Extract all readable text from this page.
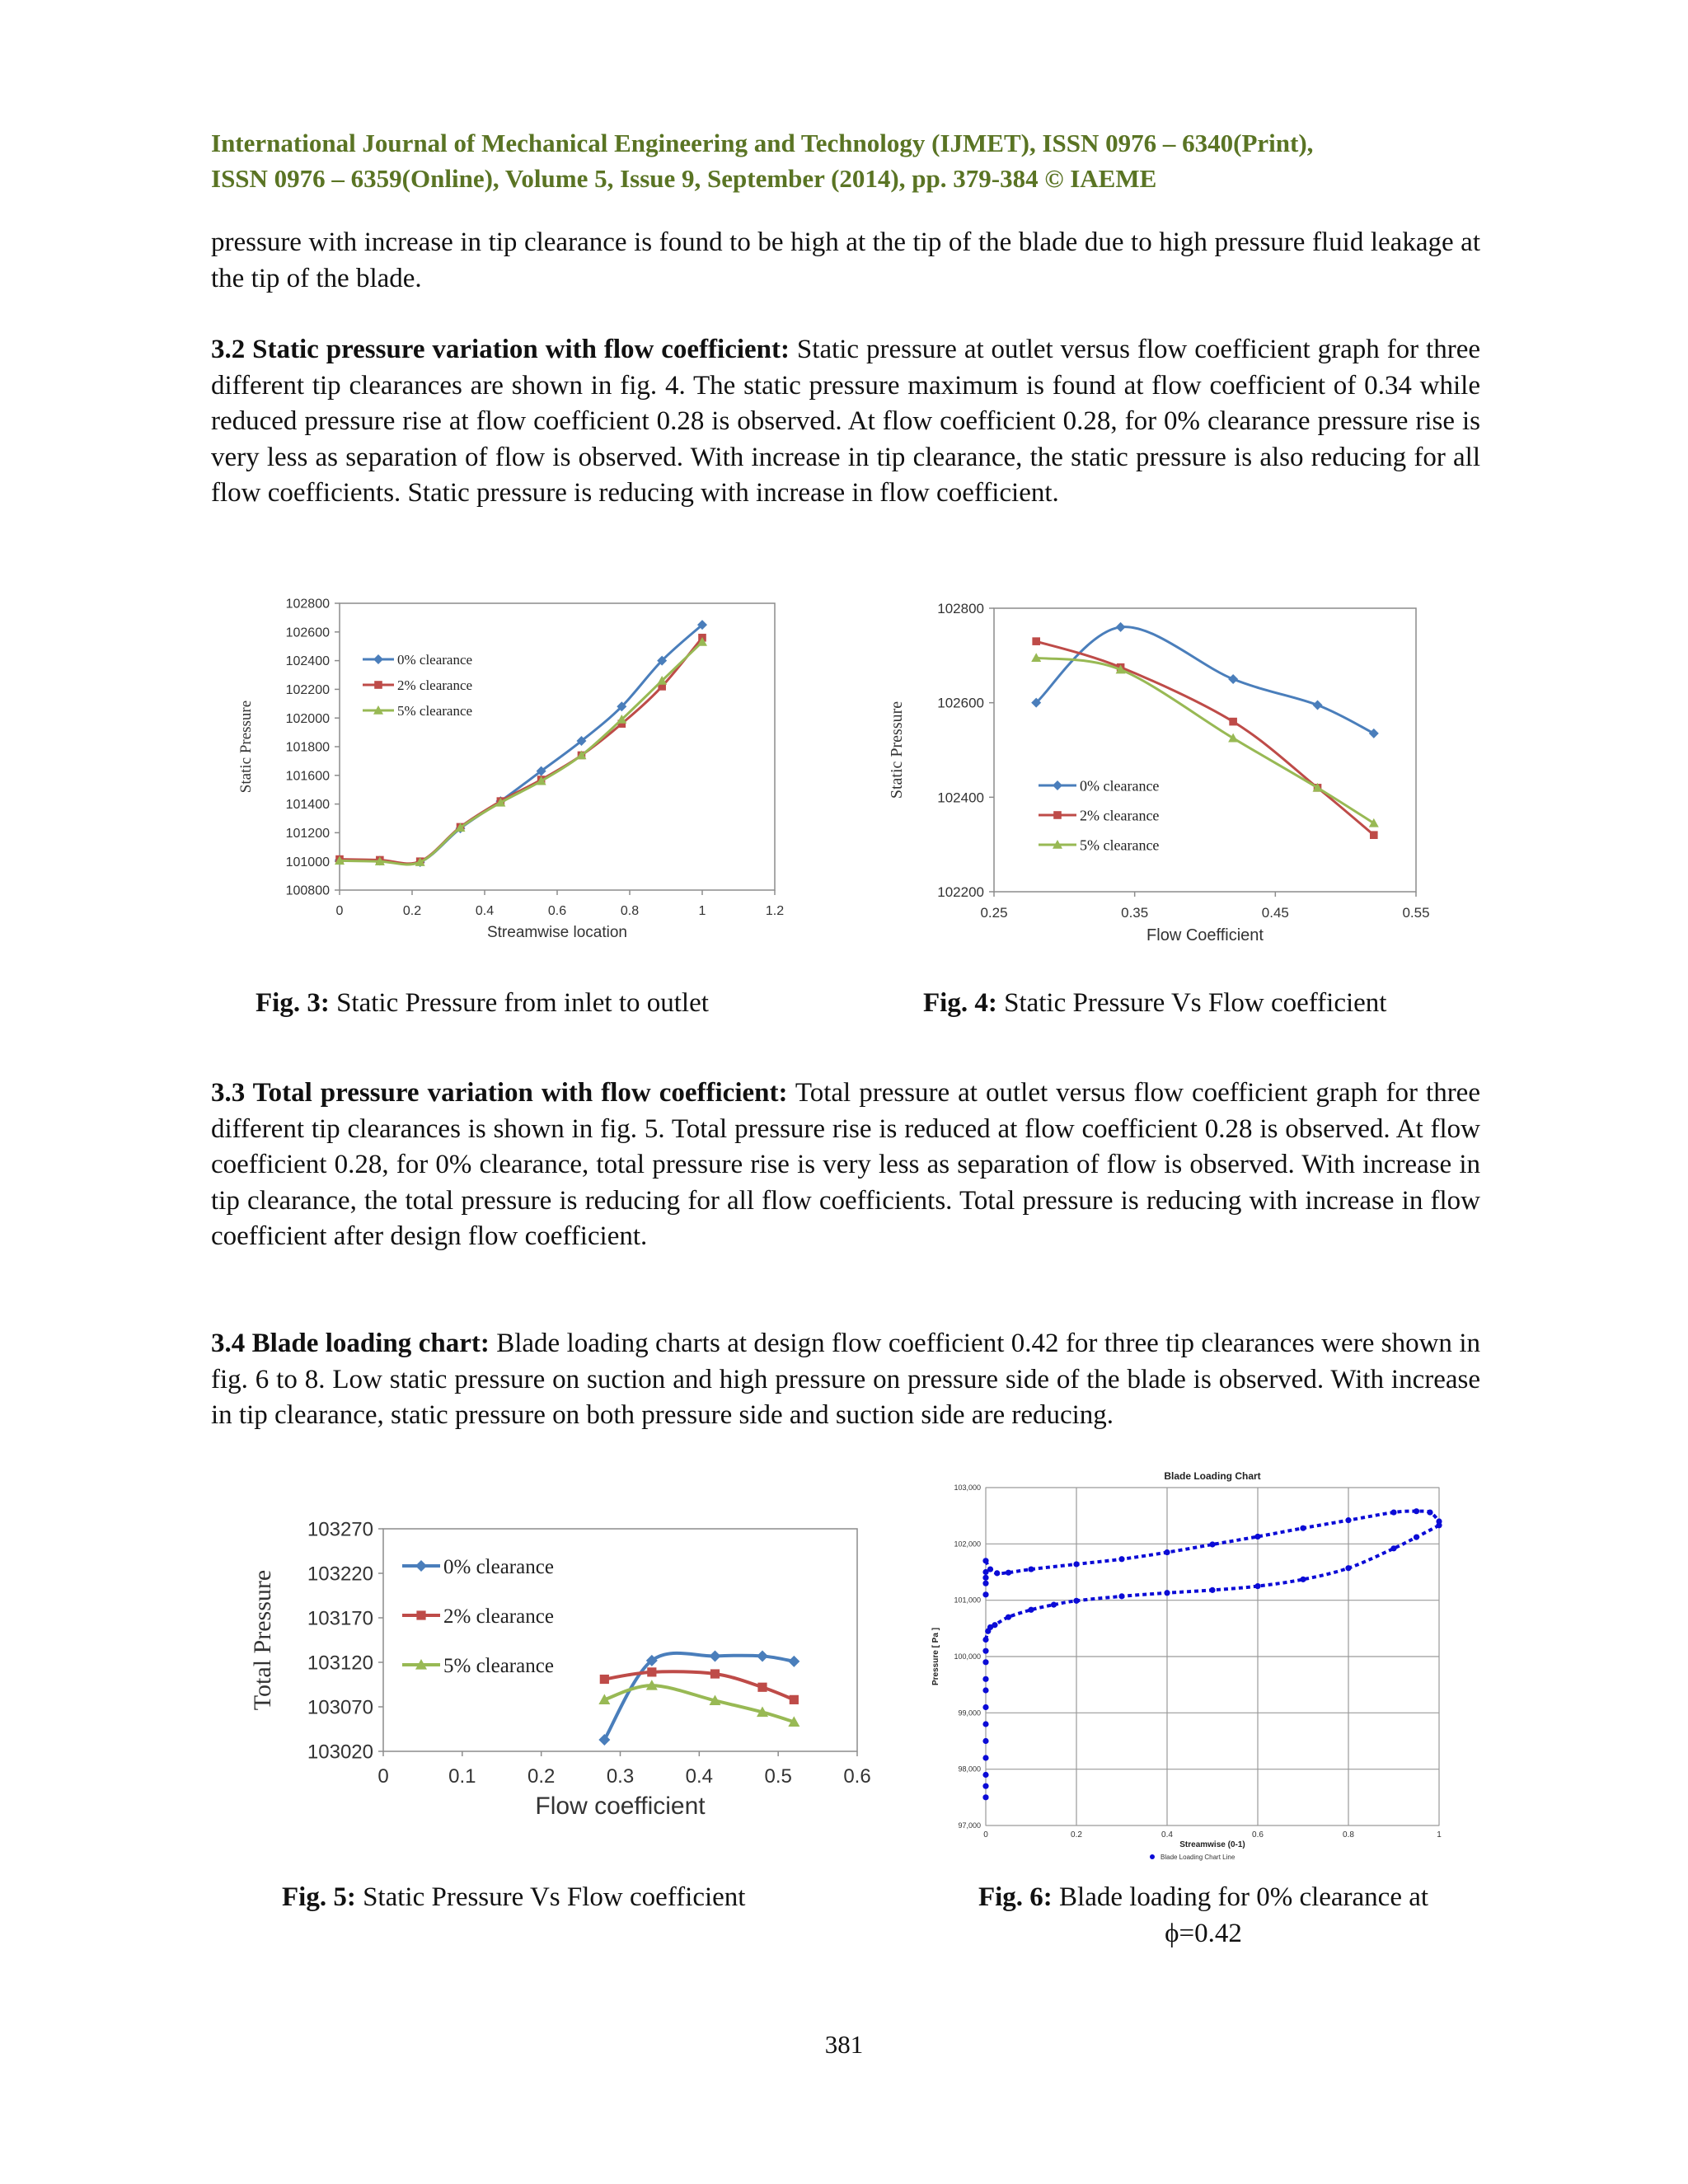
International Journal of Mechanical Engineering and Technology (IJMET), ISSN 0976 – 6340(Print),
ISSN 0976 – 6359(Online), Volume 5, Issue 9, September (2014), pp. 379-384 © IAEME
pressure with increase in tip clearance is found to be high at the tip of the blade due to high pressure fluid leakage at the tip of the blade.
3.2 Static pressure variation with flow coefficient: Static pressure at outlet versus flow coefficient graph for three different tip clearances are shown in fig. 4. The static pressure maximum is found at flow coefficient of 0.34 while reduced pressure rise at flow coefficient 0.28 is observed. At flow coefficient 0.28, for 0% clearance pressure rise is very less as separation of flow is observed. With increase in tip clearance, the static pressure is also reducing for all flow coefficients. Static pressure is reducing with increase in flow coefficient.
100800
101000
101200
101400
101600
101800
102000
102200
102400
102600
102800
0	0.2	0.4	0.6	0.8	1	1.2
Streamwise location
Static Pressure
0% clearance
2% clearance
5% clearance
Fig. 3: Static Pressure from inlet to outlet
102200
102400
102600
102800
0.25	0.35	0.45	0.55
Flow Coefficient
Static Pressure	0% clearance
2% clearance
5% clearance
Fig. 4: Static Pressure Vs Flow coefficient
3.3 Total pressure variation with flow coefficient: Total pressure at outlet versus flow coefficient graph for three different tip clearances is shown in fig. 5. Total pressure rise is reduced at flow coefficient 0.28 is observed. At flow coefficient 0.28, for 0% clearance, total pressure rise is very less as separation of flow is observed. With increase in tip clearance, the total pressure is reducing for all flow coefficients. Total pressure is reducing with increase in flow coefficient after design flow coefficient.
3.4 Blade loading chart: Blade loading charts at design flow coefficient 0.42 for three tip clearances were shown in fig. 6 to 8. Low static pressure on suction and high pressure on pressure side of the blade is observed. With increase in tip clearance, static pressure on both pressure side and suction side are reducing.
103020
103070
103120
103170
103220
103270
0	0.1	0.2	0.3	0.4	0.5	0.6
Flow coefficient
Total Pressure
0% clearance
2% clearance
5% clearance
Fig. 5: Static Pressure Vs Flow coefficient
Blade Loading Chart
97,000
98,000
99,000
100,000
101,000
102,000
103,000
0	0.2	0.4	0.6	0.8	1
Streamwise (0-1)
Pressure [ Pa ]
Blade Loading Chart Line
Fig. 6: Blade loading for 0% clearance at
ϕ=0.42
381
